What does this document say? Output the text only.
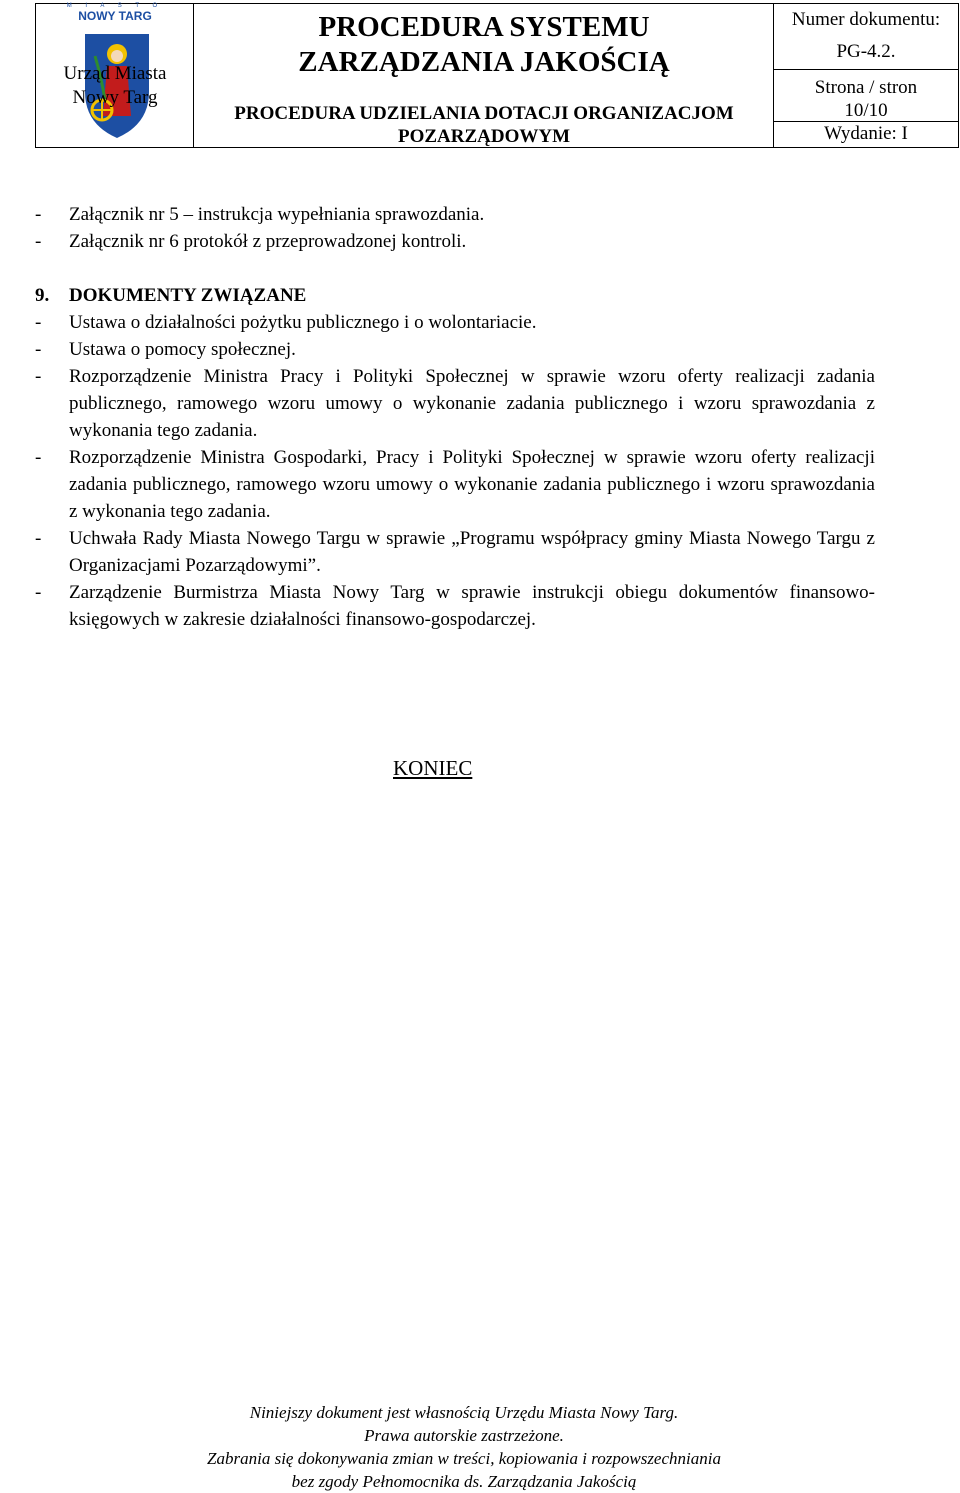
M I A S T O
NOWY TARG
Urząd Miasta
Nowy Targ
PROCEDURA SYSTEMU
ZARZĄDZANIA JAKOŚCIĄ
PROCEDURA UDZIELANIA DOTACJI ORGANIZACJOM
POZARZĄDOWYM
Numer dokumentu:
PG-4.2.
Strona / stron
10/10
Wydanie: I
-	Załącznik nr 5 – instrukcja wypełniania sprawozdania.
-	Załącznik nr 6 protokół z przeprowadzonej kontroli.
9.	DOKUMENTY ZWIĄZANE
-	Ustawa o działalności pożytku publicznego i o wolontariacie.
-	Ustawa o pomocy społecznej.
-	Rozporządzenie Ministra Pracy i Polityki Społecznej w sprawie wzoru oferty realizacji zadania publicznego, ramowego wzoru umowy o wykonanie zadania publicznego i wzoru sprawozdania z wykonania tego zadania.
-	Rozporządzenie Ministra Gospodarki, Pracy i Polityki Społecznej w sprawie wzoru oferty realizacji zadania publicznego, ramowego wzoru umowy o wykonanie zadania publicznego i wzoru sprawozdania z wykonania tego zadania.
-	Uchwała Rady Miasta Nowego Targu w sprawie „Programu współpracy gminy Miasta Nowego Targu z Organizacjami Pozarządowymi”.
-	Zarządzenie Burmistrza Miasta Nowy Targ w sprawie instrukcji obiegu dokumentów finansowo-księgowych w zakresie działalności finansowo-gospodarczej.
KONIEC
Niniejszy dokument jest własnością Urzędu Miasta Nowy Targ.
Prawa autorskie zastrzeżone.
Zabrania się dokonywania zmian w treści, kopiowania i rozpowszechniania
bez zgody Pełnomocnika ds. Zarządzania Jakością
